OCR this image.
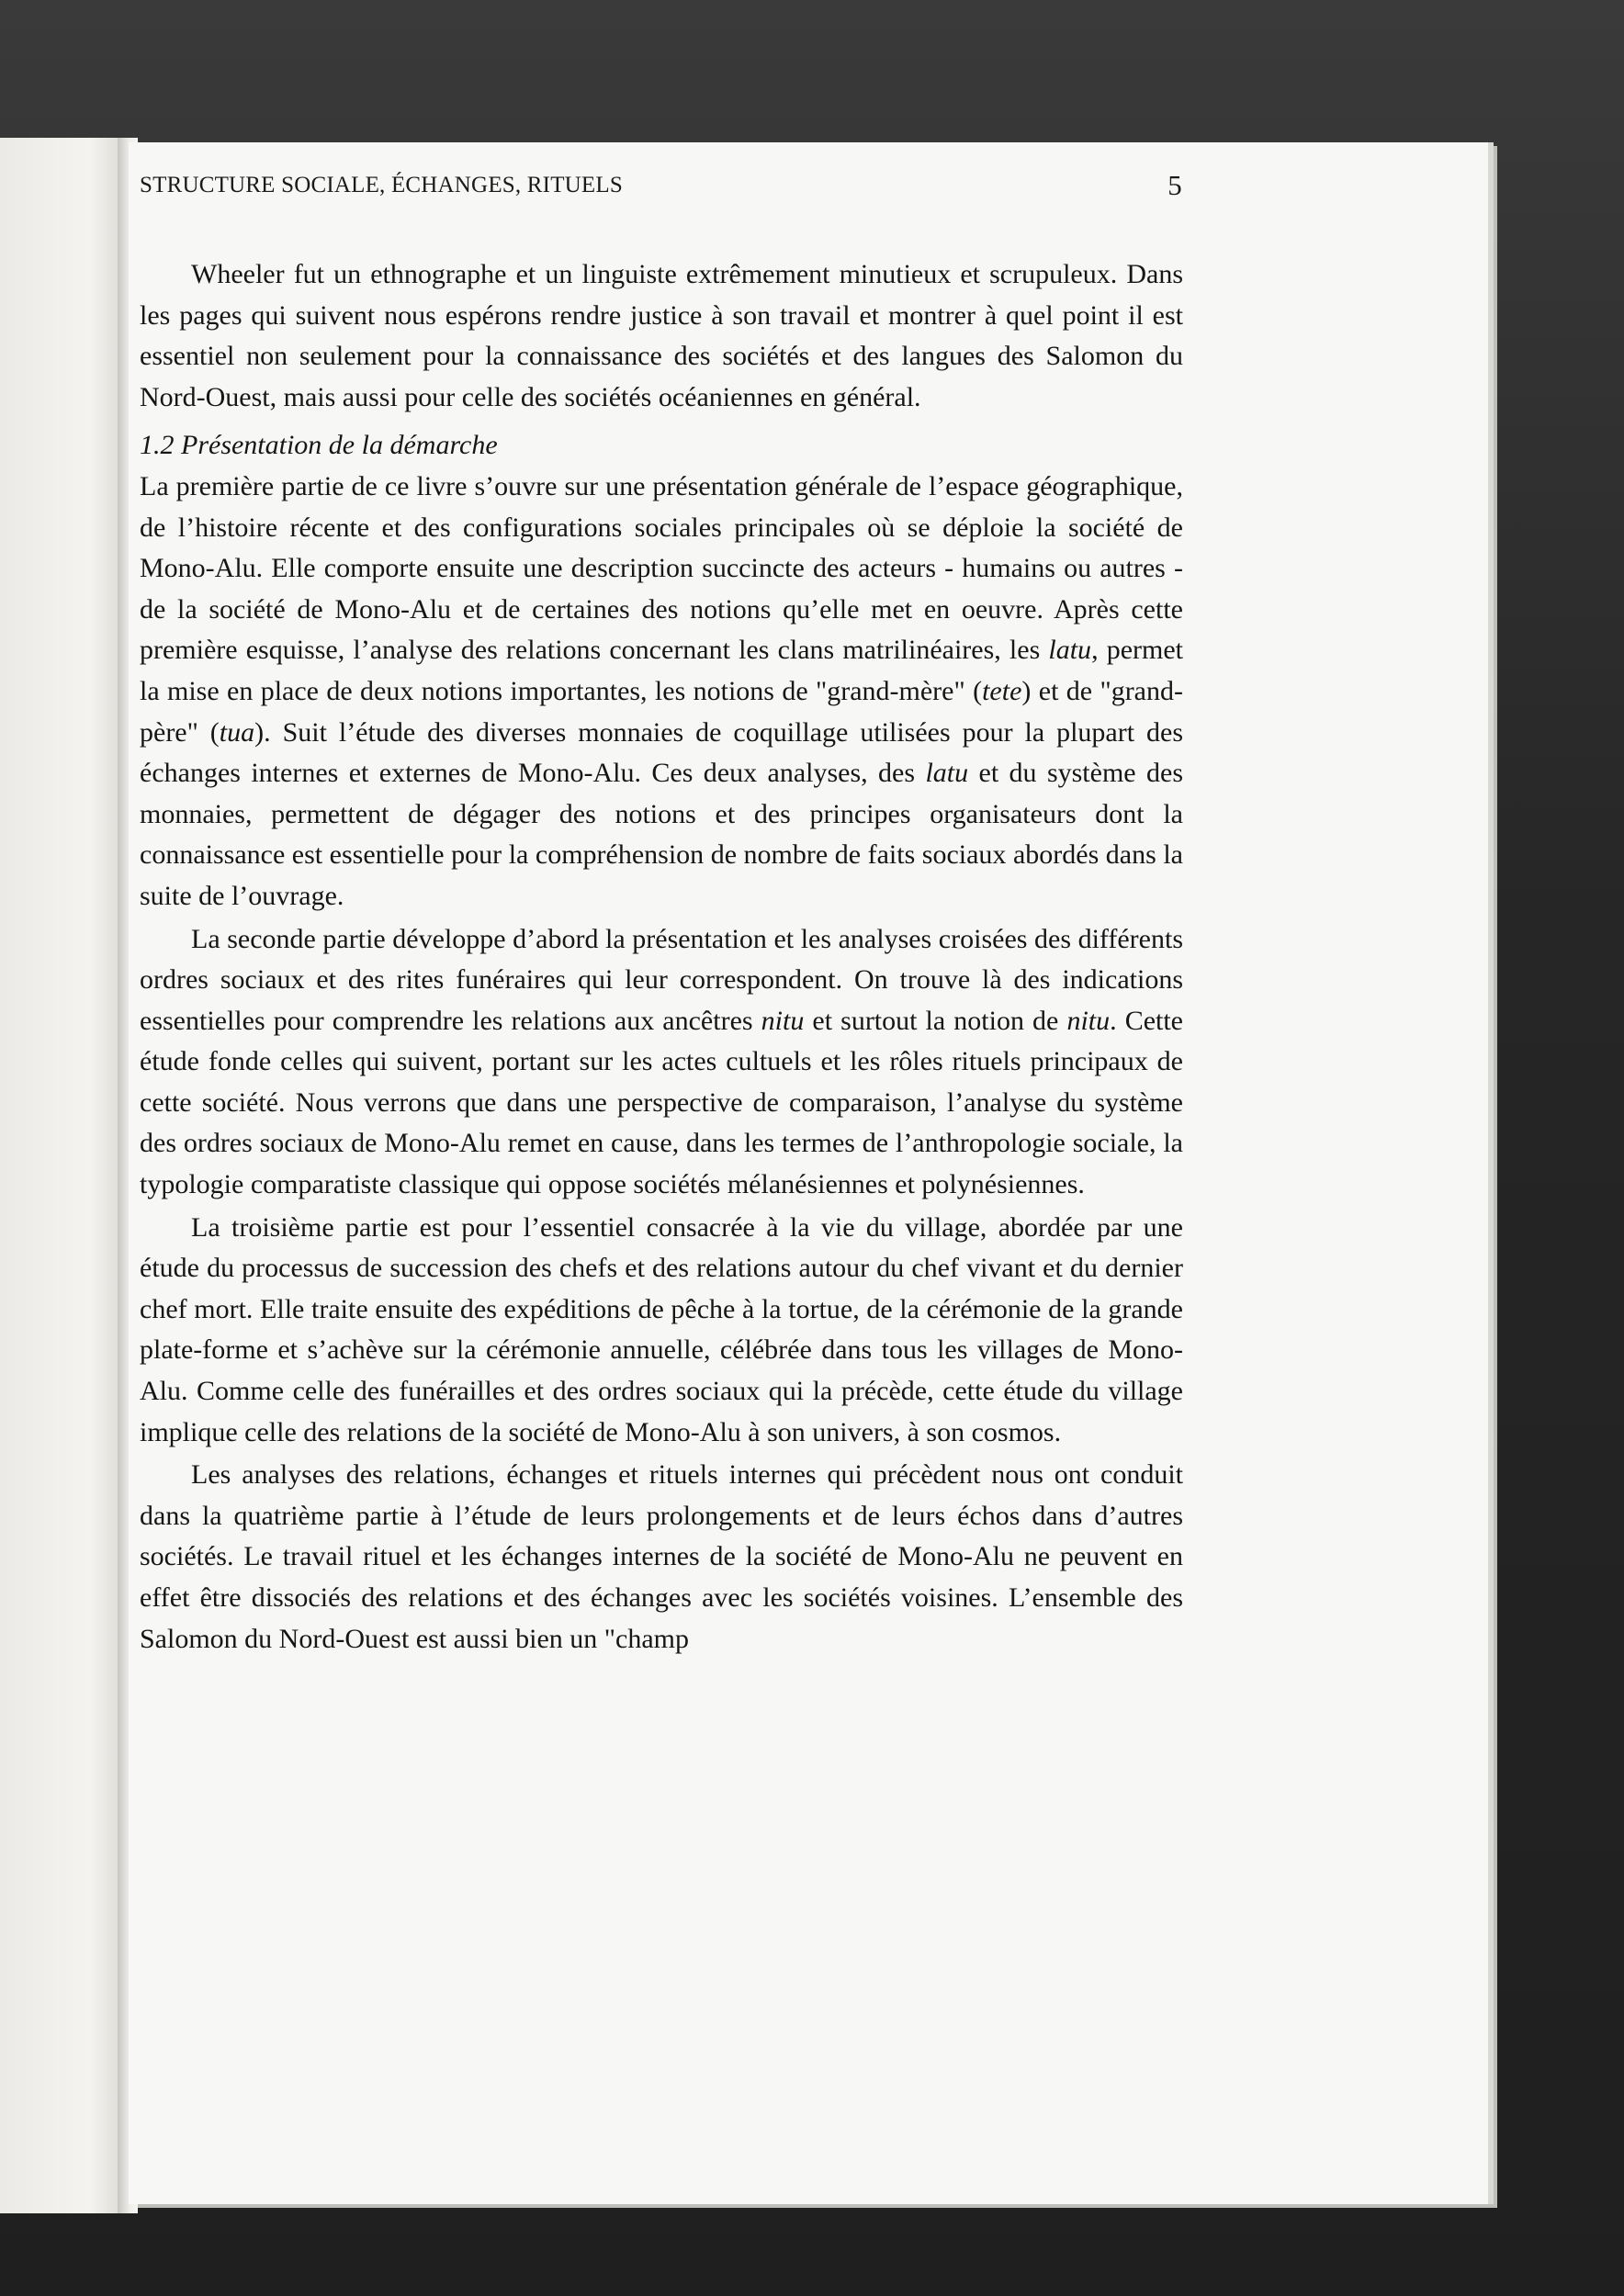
STRUCTURE SOCIALE, ÉCHANGES, RITUELS	5

Wheeler fut un ethnographe et un linguiste extrêmement minutieux et scrupuleux. Dans les pages qui suivent nous espérons rendre justice à son travail et montrer à quel point il est essentiel non seulement pour la connaissance des sociétés et des langues des Salomon du Nord-Ouest, mais aussi pour celle des sociétés océaniennes en général.

1.2 Présentation de la démarche

La première partie de ce livre s’ouvre sur une présentation générale de l’espace géographique, de l’histoire récente et des configurations sociales principales où se déploie la société de Mono-Alu. Elle comporte ensuite une description succincte des acteurs - humains ou autres - de la société de Mono-Alu et de certaines des notions qu’elle met en oeuvre. Après cette première esquisse, l’analyse des relations concernant les clans matrilinéaires, les latu, permet la mise en place de deux notions importantes, les notions de "grand-mère" (tete) et de "grand-père" (tua). Suit l’étude des diverses monnaies de coquillage utilisées pour la plupart des échanges internes et externes de Mono-Alu. Ces deux analyses, des latu et du système des monnaies, permettent de dégager des notions et des principes organisateurs dont la connaissance est essentielle pour la compréhension de nombre de faits sociaux abordés dans la suite de l’ouvrage.

La seconde partie développe d’abord la présentation et les analyses croisées des différents ordres sociaux et des rites funéraires qui leur correspondent. On trouve là des indications essentielles pour comprendre les relations aux ancêtres nitu et surtout la notion de nitu. Cette étude fonde celles qui suivent, portant sur les actes cultuels et les rôles rituels principaux de cette société. Nous verrons que dans une perspective de comparaison, l’analyse du système des ordres sociaux de Mono-Alu remet en cause, dans les termes de l’anthropologie sociale, la typologie comparatiste classique qui oppose sociétés mélanésiennes et polynésiennes.

La troisième partie est pour l’essentiel consacrée à la vie du village, abordée par une étude du processus de succession des chefs et des relations autour du chef vivant et du dernier chef mort. Elle traite ensuite des expéditions de pêche à la tortue, de la cérémonie de la grande plate-forme et s’achève sur la cérémonie annuelle, célébrée dans tous les villages de Mono-Alu. Comme celle des funérailles et des ordres sociaux qui la précède, cette étude du village implique celle des relations de la société de Mono-Alu à son univers, à son cosmos.

Les analyses des relations, échanges et rituels internes qui précèdent nous ont conduit dans la quatrième partie à l’étude de leurs prolongements et de leurs échos dans d’autres sociétés. Le travail rituel et les échanges internes de la société de Mono-Alu ne peuvent en effet être dissociés des relations et des échanges avec les sociétés voisines. L’ensemble des Salomon du Nord-Ouest est aussi bien un "champ
